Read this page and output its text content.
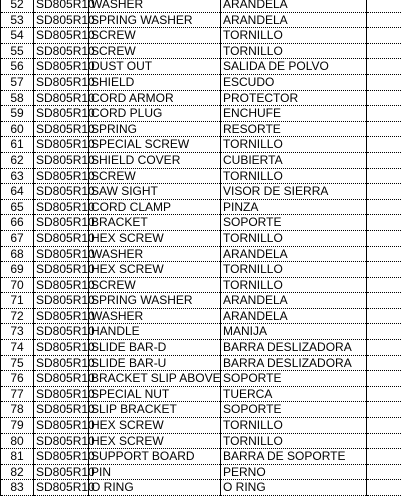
52	SD805R10	WASHER	ARANDELA	
53	SD805R10	SPRING WASHER	ARANDELA	
54	SD805R10	SCREW	TORNILLO	
55	SD805R10	SCREW	TORNILLO	
56	SD805R10	DUST OUT	SALIDA DE POLVO	
57	SD805R10	SHIELD	ESCUDO	
58	SD805R10	CORD ARMOR	PROTECTOR	
59	SD805R10	CORD PLUG	ENCHUFE	
60	SD805R10	SPRING	RESORTE	
61	SD805R10	SPECIAL SCREW	TORNILLO	
62	SD805R10	SHIELD COVER	CUBIERTA	
63	SD805R10	SCREW	TORNILLO	
64	SD805R10	SAW SIGHT	VISOR DE SIERRA	
65	SD805R10	CORD CLAMP	PINZA	
66	SD805R10	BRACKET	SOPORTE	
67	SD805R10	HEX SCREW	TORNILLO	
68	SD805R10	WASHER	ARANDELA	
69	SD805R10	HEX SCREW	TORNILLO	
70	SD805R10	SCREW	TORNILLO	
71	SD805R10	SPRING WASHER	ARANDELA	
72	SD805R10	WASHER	ARANDELA	
73	SD805R10	HANDLE	MANIJA	
74	SD805R10	SLIDE BAR-D	BARRA DESLIZADORA	
75	SD805R10	SLIDE BAR-U	BARRA DESLIZADORA	
76	SD805R10	BRACKET SLIP ABOVE	SOPORTE	
77	SD805R10	SPECIAL NUT	TUERCA	
78	SD805R10	SLIP BRACKET	SOPORTE	
79	SD805R10	HEX SCREW	TORNILLO	
80	SD805R10	HEX SCREW	TORNILLO	
81	SD805R10	SUPPORT BOARD	BARRA DE SOPORTE	
82	SD805R10	PIN	PERNO	
83	SD805R10	O RING	O RING	
